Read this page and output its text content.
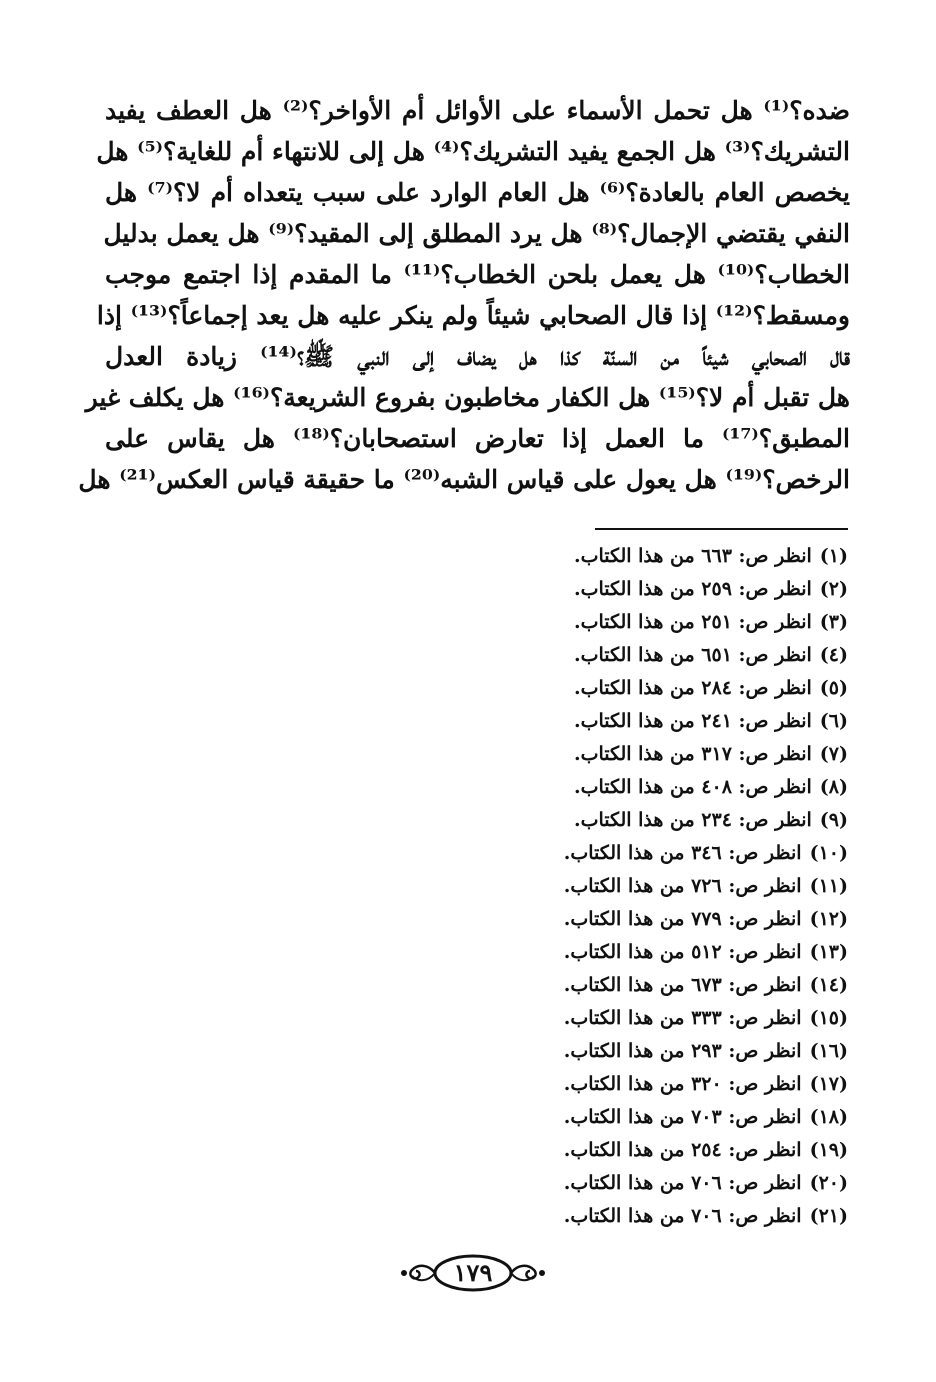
ضده؟⁽¹⁾ هل تحمل الأسماء على الأوائل أم الأواخر؟⁽²⁾ هل العطف يفيد
التشريك؟⁽³⁾ هل الجمع يفيد التشريك؟⁽⁴⁾ هل إلى للانتهاء أم للغاية؟⁽⁵⁾ هل
يخصص العام بالعادة؟⁽⁶⁾ هل العام الوارد على سبب يتعداه أم لا؟⁽⁷⁾ هل
النفي يقتضي الإجمال؟⁽⁸⁾ هل يرد المطلق إلى المقيد؟⁽⁹⁾ هل يعمل بدليل
الخطاب؟⁽¹⁰⁾ هل يعمل بلحن الخطاب؟⁽¹¹⁾ ما المقدم إذا اجتمع موجب
ومسقط؟⁽¹²⁾ إذا قال الصحابي شيئاً ولم ينكر عليه هل يعد إجماعاً؟⁽¹³⁾ إذا
قال الصحابي شيئاً من السنّة كذا هل يضاف إلى النبي ﷺ؟⁽¹⁴⁾ زيادة العدل
هل تقبل أم لا؟⁽¹⁵⁾ هل الكفار مخاطبون بفروع الشريعة؟⁽¹⁶⁾ هل يكلف غير
المطبق؟⁽¹⁷⁾ ما العمل إذا تعارض استصحابان؟⁽¹⁸⁾ هل يقاس على
الرخص؟⁽¹⁹⁾ هل يعول على قياس الشبه⁽²⁰⁾ ما حقيقة قياس العكس⁽²¹⁾ هل
(١)انظر ص: ٦٦٣ من هذا الكتاب.
(٢)انظر ص: ٢٥٩ من هذا الكتاب.
(٣)انظر ص: ٢٥١ من هذا الكتاب.
(٤)انظر ص: ٦٥١ من هذا الكتاب.
(٥)انظر ص: ٢٨٤ من هذا الكتاب.
(٦)انظر ص: ٢٤١ من هذا الكتاب.
(٧)انظر ص: ٣١٧ من هذا الكتاب.
(٨)انظر ص: ٤٠٨ من هذا الكتاب.
(٩)انظر ص: ٢٣٤ من هذا الكتاب.
(١٠)انظر ص: ٣٤٦ من هذا الكتاب.
(١١)انظر ص: ٧٢٦ من هذا الكتاب.
(١٢)انظر ص: ٧٧٩ من هذا الكتاب.
(١٣)انظر ص: ٥١٢ من هذا الكتاب.
(١٤)انظر ص: ٦٧٣ من هذا الكتاب.
(١٥)انظر ص: ٣٣٣ من هذا الكتاب.
(١٦)انظر ص: ٢٩٣ من هذا الكتاب.
(١٧)انظر ص: ٣٢٠ من هذا الكتاب.
(١٨)انظر ص: ٧٠٣ من هذا الكتاب.
(١٩)انظر ص: ٢٥٤ من هذا الكتاب.
(٢٠)انظر ص: ٧٠٦ من هذا الكتاب.
(٢١)انظر ص: ٧٠٦ من هذا الكتاب.
١٧٩
